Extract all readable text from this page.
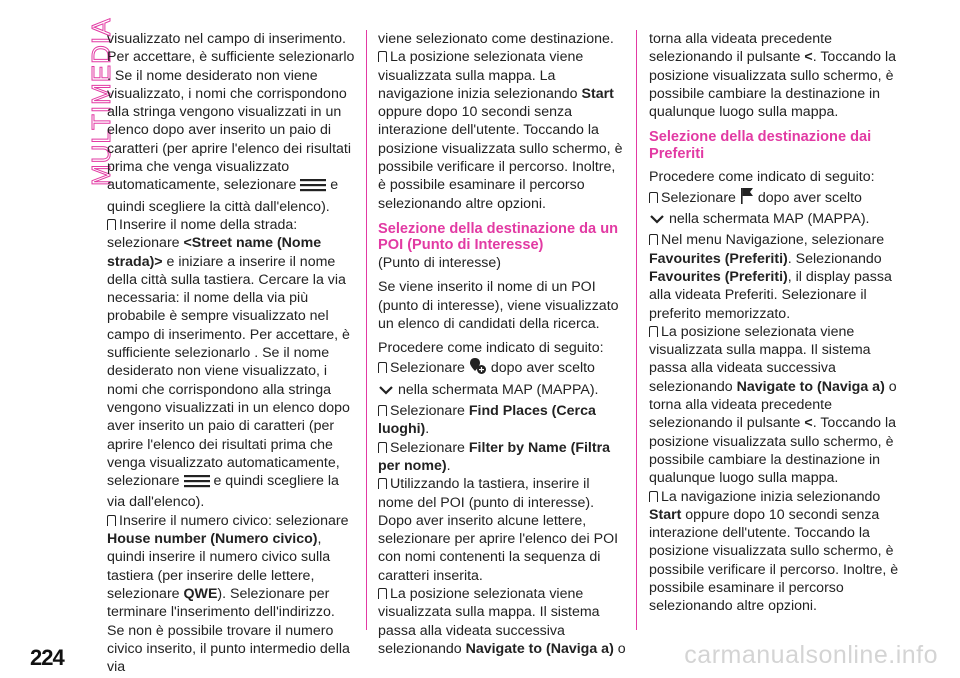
MULTIMEDIA
224

visualizzato nel campo di inserimento. Per accettare, è sufficiente selezionarlo . Se il nome desiderato non viene visualizzato, i nomi che corrispondono alla stringa vengono visualizzati in un elenco dopo aver inserito un paio di caratteri (per aprire l'elenco dei risultati prima che venga visualizzato automaticamente, selezionare e quindi scegliere la città dall'elenco).

Inserire il nome della strada: selezionare <Street name (Nome strada)> e iniziare a inserire il nome della città sulla tastiera. Cercare la via necessaria: il nome della via più probabile è sempre visualizzato nel campo di inserimento. Per accettare, è sufficiente selezionarlo . Se il nome desiderato non viene visualizzato, i nomi che corrispondono alla stringa vengono visualizzati in un elenco dopo aver inserito un paio di caratteri (per aprire l'elenco dei risultati prima che venga visualizzato automaticamente, selezionare e quindi scegliere la via dall'elenco).

Inserire il numero civico: selezionare House number (Numero civico), quindi inserire il numero civico sulla tastiera (per inserire delle lettere, selezionare QWE). Selezionare per terminare l'inserimento dell'indirizzo. Se non è possibile trovare il numero civico inserito, il punto intermedio della via

viene selezionato come destinazione.

La posizione selezionata viene visualizzata sulla mappa. La navigazione inizia selezionando Start oppure dopo 10 secondi senza interazione dell'utente. Toccando la posizione visualizzata sullo schermo, è possibile verificare il percorso. Inoltre, è possibile esaminare il percorso selezionando altre opzioni.

Selezione della destinazione da un POI (Punto di Interesse)

(Punto di interesse)

Se viene inserito il nome di un POI (punto di interesse), viene visualizzato un elenco di candidati della ricerca.

Procedere come indicato di seguito:

Selezionare dopo aver scelto
nella schermata MAP (MAPPA).

Selezionare Find Places (Cerca luoghi).

Selezionare Filter by Name (Filtra per nome).

Utilizzando la tastiera, inserire il nome del POI (punto di interesse). Dopo aver inserito alcune lettere, selezionare per aprire l'elenco dei POI con nomi contenenti la sequenza di caratteri inserita.

La posizione selezionata viene visualizzata sulla mappa. Il sistema passa alla videata successiva selezionando Navigate to (Naviga a) o

torna alla videata precedente selezionando il pulsante <. Toccando la posizione visualizzata sullo schermo, è possibile cambiare la destinazione in qualunque luogo sulla mappa.

Selezione della destinazione dai Preferiti

Procedere come indicato di seguito:

Selezionare dopo aver scelto
nella schermata MAP (MAPPA).

Nel menu Navigazione, selezionare Favourites (Preferiti). Selezionando Favourites (Preferiti), il display passa alla videata Preferiti. Selezionare il preferito memorizzato.

La posizione selezionata viene visualizzata sulla mappa. Il sistema passa alla videata successiva selezionando Navigate to (Naviga a) o torna alla videata precedente selezionando il pulsante <. Toccando la posizione visualizzata sullo schermo, è possibile cambiare la destinazione in qualunque luogo sulla mappa.

La navigazione inizia selezionando Start oppure dopo 10 secondi senza interazione dell'utente. Toccando la posizione visualizzata sullo schermo, è possibile verificare il percorso. Inoltre, è possibile esaminare il percorso selezionando altre opzioni.

carmanualsonline.info
